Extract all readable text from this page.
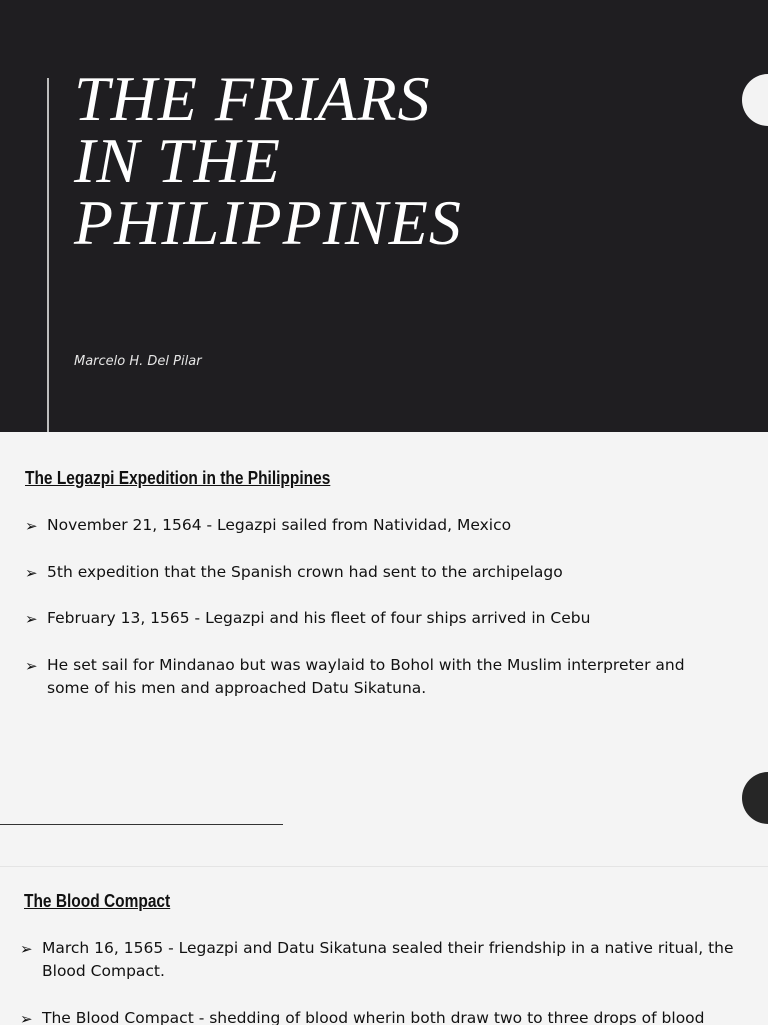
THE FRIARS
IN THE
PHILIPPINES
Marcelo H. Del Pilar
The Legazpi Expedition in the Philippines
➢ November 21, 1564 - Legazpi sailed from Natividad, Mexico
➢ 5th expedition that the Spanish crown had sent to the archipelago
➢ February 13, 1565 - Legazpi and his fleet of four ships arrived in Cebu
➢ He set sail for Mindanao but was waylaid to Bohol with the Muslim interpreter and some of his men and approached Datu Sikatuna.
The Blood Compact
➢ March 16, 1565 - Legazpi and Datu Sikatuna sealed their friendship in a native ritual, the Blood Compact.
➢ The Blood Compact - shedding of blood wherin both draw two to three drops of blood
